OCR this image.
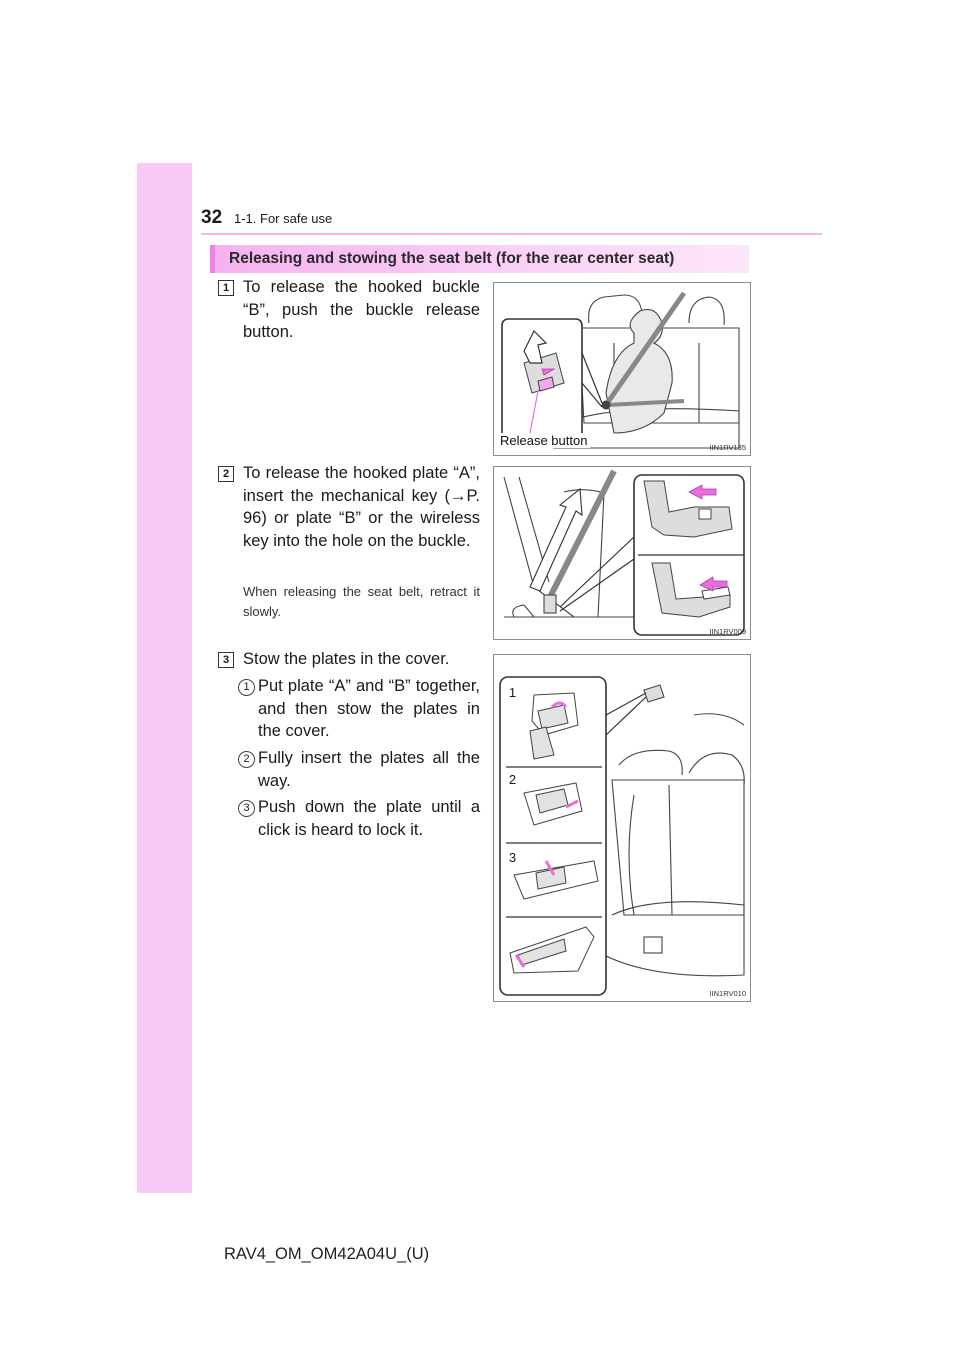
32 1-1. For safe use
Releasing and stowing the seat belt (for the rear center seat)
1 To release the hooked buckle “B”, push the buckle release button.
Release button	IIN1RV135
2 To release the hooked plate “A”, insert the mechanical key (→P. 96) or plate “B” or the wireless key into the hole on the buckle.
When releasing the seat belt, retract it slowly.
IIN1RV009
3 Stow the plates in the cover.
1 Put plate “A” and “B” together, and then stow the plates in the cover.
2 Fully insert the plates all the way.
3 Push down the plate until a click is heard to lock it.
1
2
3
IIN1RV010
RAV4_OM_OM42A04U_(U)
